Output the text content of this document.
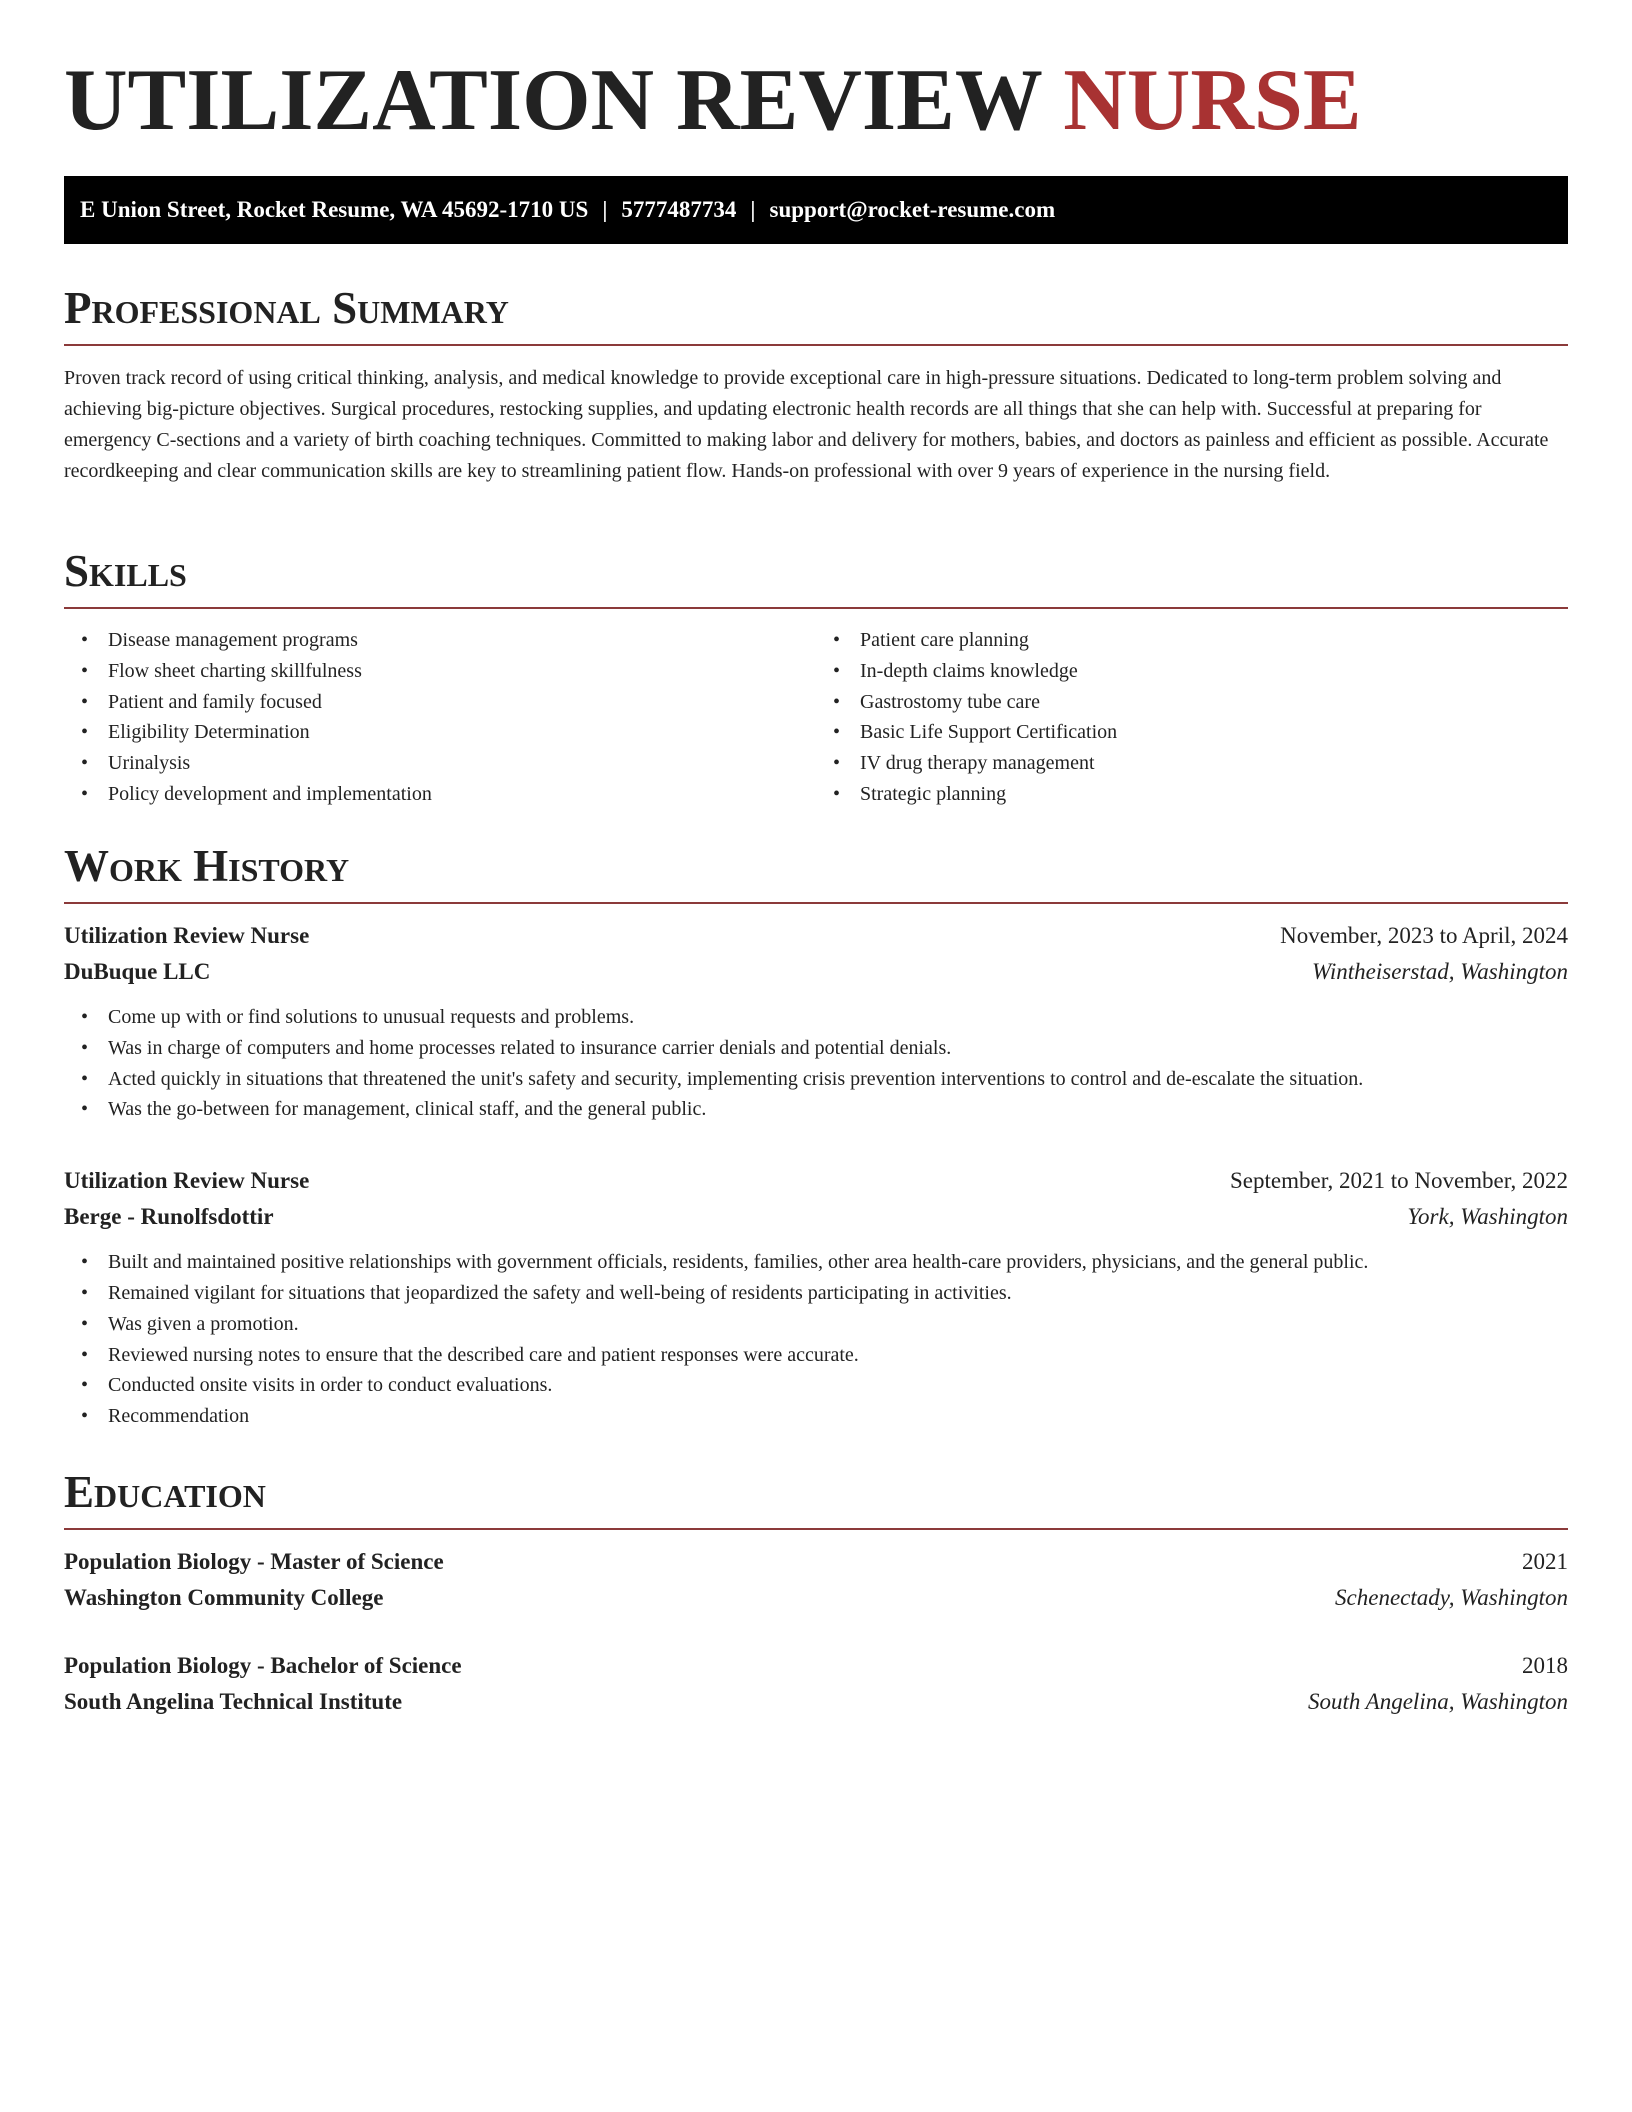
UTILIZATION REVIEW NURSE
E Union Street, Rocket Resume, WA 45692-1710 US | 5777487734 | support@rocket-resume.com
Professional Summary
Proven track record of using critical thinking, analysis, and medical knowledge to provide exceptional care in high-pressure situations. Dedicated to long-term problem solving and achieving big-picture objectives. Surgical procedures, restocking supplies, and updating electronic health records are all things that she can help with. Successful at preparing for emergency C-sections and a variety of birth coaching techniques. Committed to making labor and delivery for mothers, babies, and doctors as painless and efficient as possible. Accurate recordkeeping and clear communication skills are key to streamlining patient flow. Hands-on professional with over 9 years of experience in the nursing field.
Skills
• Disease management programs
• Flow sheet charting skillfulness
• Patient and family focused
• Eligibility Determination
• Urinalysis
• Policy development and implementation
• Patient care planning
• In-depth claims knowledge
• Gastrostomy tube care
• Basic Life Support Certification
• IV drug therapy management
• Strategic planning
Work History
Utilization Review Nurse	November, 2023 to April, 2024
DuBuque LLC	Wintheiserstad, Washington
• Come up with or find solutions to unusual requests and problems.
• Was in charge of computers and home processes related to insurance carrier denials and potential denials.
• Acted quickly in situations that threatened the unit's safety and security, implementing crisis prevention interventions to control and de-escalate the situation.
• Was the go-between for management, clinical staff, and the general public.
Utilization Review Nurse	September, 2021 to November, 2022
Berge - Runolfsdottir	York, Washington
• Built and maintained positive relationships with government officials, residents, families, other area health-care providers, physicians, and the general public.
• Remained vigilant for situations that jeopardized the safety and well-being of residents participating in activities.
• Was given a promotion.
• Reviewed nursing notes to ensure that the described care and patient responses were accurate.
• Conducted onsite visits in order to conduct evaluations.
• Recommendation
Education
Population Biology - Master of Science	2021
Washington Community College	Schenectady, Washington
Population Biology - Bachelor of Science	2018
South Angelina Technical Institute	South Angelina, Washington
